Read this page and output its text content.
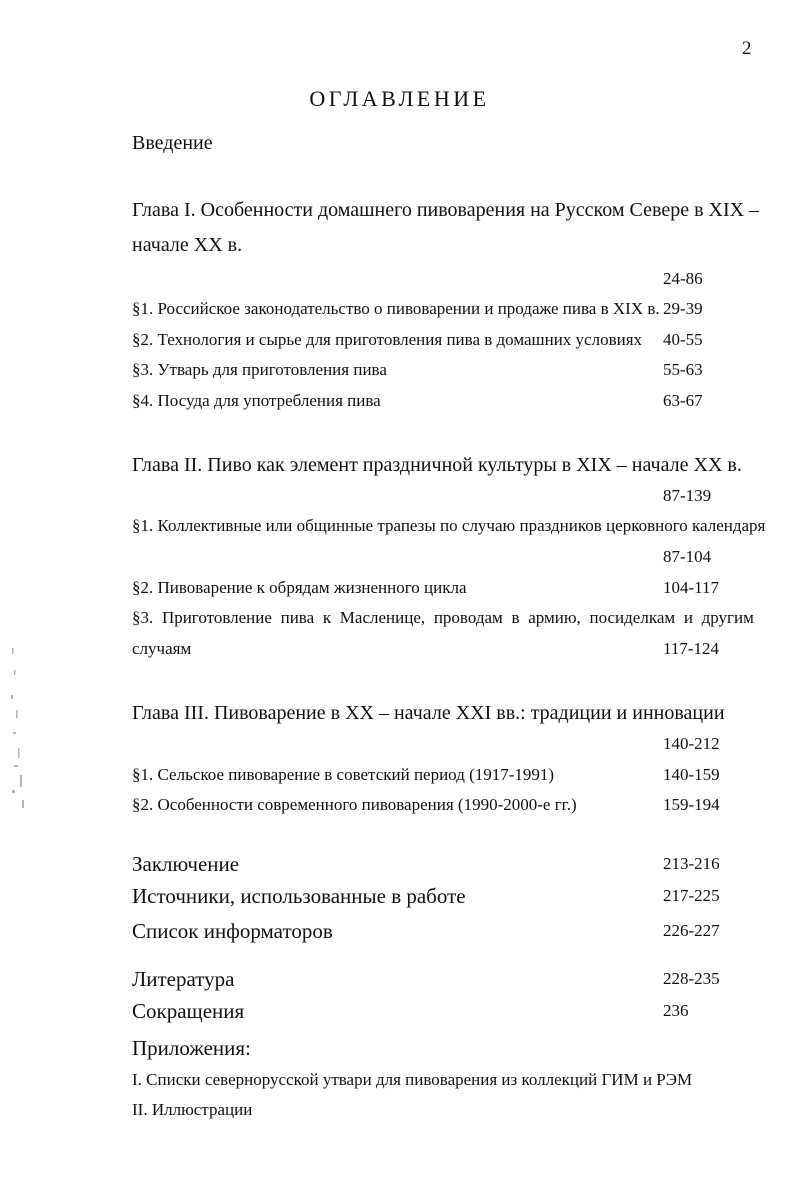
2
ОГЛАВЛЕНИЕ
Введение
Глава I. Особенности домашнего пивоварения на Русском Севере в XIX –
начале XX в.
24-86
§1. Российское законодательство о пивоварении и продаже пива в XIX в. 29-39
§2. Технология и сырье для приготовления пива в домашних условиях 40-55
§3. Утварь для приготовления пива	55-63
§4. Посуда для употребления пива	63-67
Глава II. Пиво как элемент праздничной культуры в XIX – начале XX в.
87-139
§1. Коллективные или общинные трапезы по случаю праздников церковного календаря
87-104
§2. Пивоварение к обрядам жизненного цикла	104-117
§3. Приготовление пива к Масленице, проводам в армию, посиделкам и другим
случаям	117-124
Глава III. Пивоварение в XX – начале XXI вв.: традиции и инновации
140-212
§1. Сельское пивоварение в советский период (1917-1991)	140-159
§2. Особенности современного пивоварения (1990-2000-е гг.)	159-194
Заключение	213-216
Источники, использованные в работе	217-225
Список информаторов	226-227
Литература	228-235
Сокращения	236
Приложения:
I. Списки севернорусской утвари для пивоварения из коллекций ГИМ и РЭМ
II. Иллюстрации
